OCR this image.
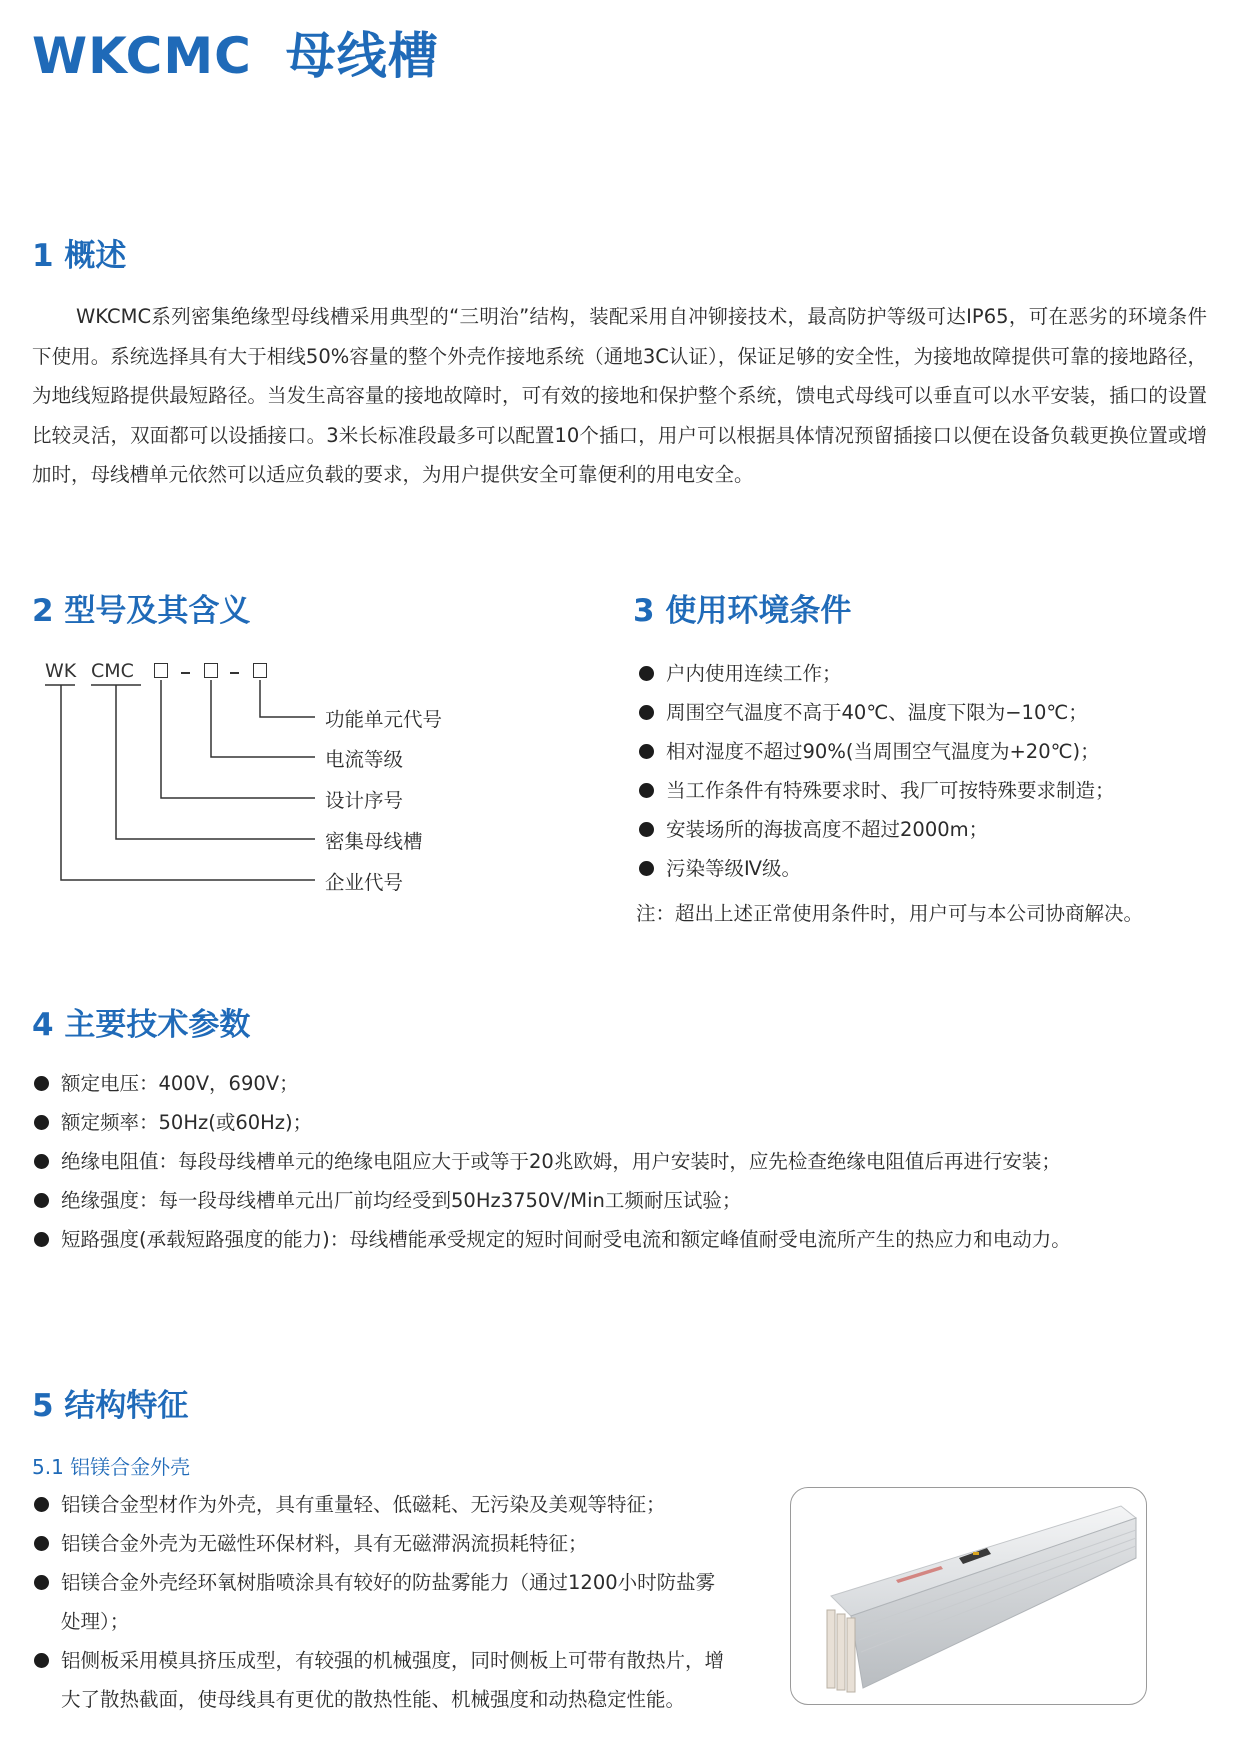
WKCMC 母线槽
1 概述

WKCMC系列密集绝缘型母线槽采用典型的“三明治”结构，装配采用自冲铆接技术，最高防护等级可达IP65，可在恶劣的环境条件下使用。系统选择具有大于相线50%容量的整个外壳作接地系统（通地3C认证），保证足够的安全性，为接地故障提供可靠的接地路径，为地线短路提供最短路径。当发生高容量的接地故障时，可有效的接地和保护整个系统，馈电式母线可以垂直可以水平安装，插口的设置比较灵活，双面都可以设插接口。3米长标准段最多可以配置10个插口，用户可以根据具体情况预留插接口以便在设备负载更换位置或增加时，母线槽单元依然可以适应负载的要求，为用户提供安全可靠便利的用电安全。

2 型号及其含义
WK CMC
功能单元代号
电流等级
设计序号
密集母线槽
企业代号
3 使用环境条件
户内使用连续工作；
周围空气温度不高于40℃、温度下限为−10℃；
相对湿度不超过90%(当周围空气温度为+20℃)；
当工作条件有特殊要求时、我厂可按特殊要求制造；
安装场所的海拔高度不超过2000m；
污染等级Ⅳ级。
注：超出上述正常使用条件时，用户可与本公司协商解决。
4 主要技术参数
额定电压：400V，690V；
额定频率：50Hz(或60Hz)；
绝缘电阻值：每段母线槽单元的绝缘电阻应大于或等于20兆欧姆，用户安装时，应先检查绝缘电阻值后再进行安装；
绝缘强度：每一段母线槽单元出厂前均经受到50Hz3750V/Min工频耐压试验；
短路强度(承载短路强度的能力)：母线槽能承受规定的短时间耐受电流和额定峰值耐受电流所产生的热应力和电动力。
5 结构特征
5.1 铝镁合金外壳
铝镁合金型材作为外壳，具有重量轻、低磁耗、无污染及美观等特征；
铝镁合金外壳为无磁性环保材料，具有无磁滞涡流损耗特征；
铝镁合金外壳经环氧树脂喷涂具有较好的防盐雾能力（通过1200小时防盐雾处理）；
铝侧板采用模具挤压成型，有较强的机械强度，同时侧板上可带有散热片，增大了散热截面，使母线具有更优的散热性能、机械强度和动热稳定性能。
